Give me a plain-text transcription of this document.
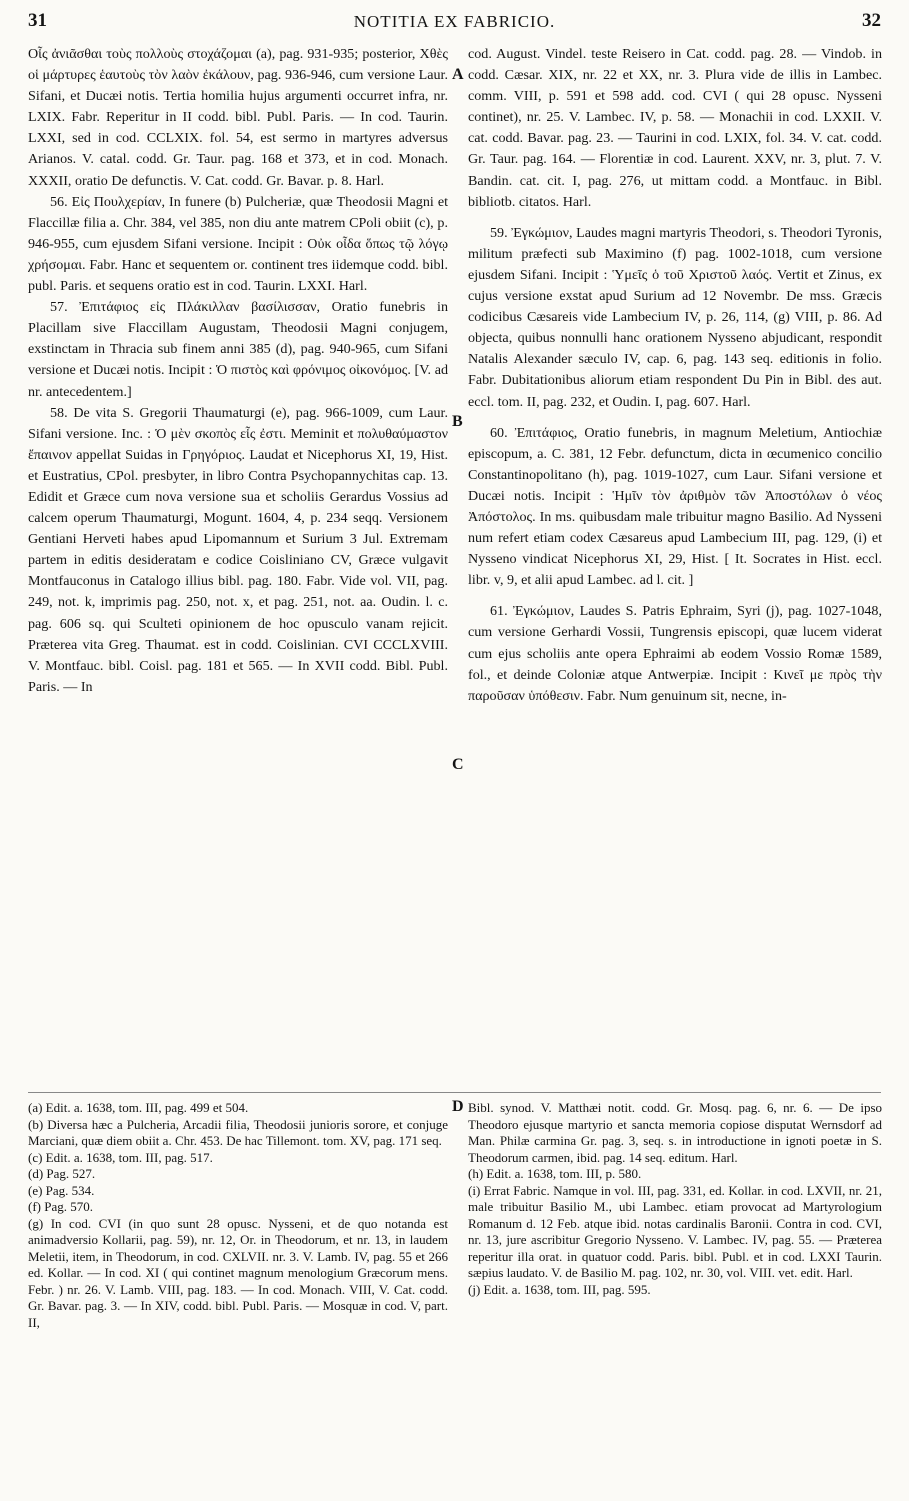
31	NOTITIA EX FABRICIO.	32

Οἷς ἀνιᾶσθαι τοὺς πολλοὺς στοχάζομαι (a), pag. 931-935; posterior, Χθὲς οἱ μάρτυρες ἑαυτοὺς τὸν λαὸν ἐκάλουν, pag. 936-946, cum versione Laur. Sifani, et Ducæi notis. Tertia homilia hujus argumenti occurret infra, nr. LXIX. Fabr. Reperitur in II codd. bibl. Publ. Paris. — In cod. Taurin. LXXI, sed in cod. CCLXIX. fol. 54, est sermo in martyres adversus Arianos. V. catal. codd. Gr. Taur. pag. 168 et 373, et in cod. Monach. XXXII, oratio De defunctis. V. Cat. codd. Gr. Bavar. p. 8. Harl.

56. Εἰς Πουλχερίαν, In funere (b) Pulcheriæ, quæ Theodosii Magni et Flaccillæ filia a. Chr. 384, vel 385, non diu ante matrem CPoli obiit (c), p. 946-955, cum ejusdem Sifani versione. Incipit : Οὐκ οἶδα ὅπως τῷ λόγῳ χρήσομαι. Fabr. Hanc et sequentem or. continent tres iidemque codd. bibl. publ. Paris. et sequens oratio est in cod. Taurin. LXXI. Harl.

57. Ἐπιτάφιος εἰς Πλάκιλλαν βασίλισσαν, Oratio funebris in Placillam sive Flaccillam Augustam, Theodosii Magni conjugem, exstinctam in Thracia sub finem anni 385 (d), pag. 940-965, cum Sifani versione et Ducæi notis. Incipit : Ὁ πιστὸς καὶ φρόνιμος οἰκονόμος. [V. ad nr. antecedentem.]

58. De vita S. Gregorii Thaumaturgi (e), pag. 966-1009, cum Laur. Sifani versione. Inc. : Ὁ μὲν σκοπὸς εἷς ἐστι. Meminit et πολυθαύμαστον ἔπαινον appellat Suidas in Γρηγόριος. Laudat et Nicephorus XI, 19, Hist. et Eustratius, CPol. presbyter, in libro Contra Psychopannychitas cap. 13. Edidit et Græce cum nova versione sua et scholiis Gerardus Vossius ad calcem operum Thaumaturgi, Mogunt. 1604, 4, p. 234 seqq. Versionem Gentiani Herveti habes apud Lipomannum et Surium 3 Jul. Extremam partem in editis desideratam e codice Coisliniano CV, Græce vulgavit Montfauconus in Catalogo illius bibl. pag. 180. Fabr. Vide vol. VII, pag. 249, not. k, imprimis pag. 250, not. x, et pag. 251, not. aa. Oudin. l. c. pag. 606 sq. qui Sculteti opinionem de hoc opusculo vanam rejicit. Præterea vita Greg. Thaumat. est in codd. Coislinian. CVI CCCLXVIII. V. Montfauc. bibl. Coisl. pag. 181 et 565. — In XVII codd. Bibl. Publ. Paris. — In

A
B
C
D

cod. August. Vindel. teste Reisero in Cat. codd. pag. 28. — Vindob. in codd. Cæsar. XIX, nr. 22 et XX, nr. 3. Plura vide de illis in Lambec. comm. VIII, p. 591 et 598 add. cod. CVI ( qui 28 opusc. Nysseni continet), nr. 25. V. Lambec. IV, p. 58. — Monachii in cod. LXXII. V. cat. codd. Bavar. pag. 23. — Taurini in cod. LXIX, fol. 34. V. cat. codd. Gr. Taur. pag. 164. — Florentiæ in cod. Laurent. XXV, nr. 3, plut. 7. V. Bandin. cat. cit. I, pag. 276, ut mittam codd. a Montfauc. in Bibl. bibliotb. citatos. Harl.

59. Ἐγκώμιον, Laudes magni martyris Theodori, s. Theodori Tyronis, militum præfecti sub Maximino (f) pag. 1002-1018, cum versione ejusdem Sifani. Incipit : Ὑμεῖς ὁ τοῦ Χριστοῦ λαός. Vertit et Zinus, ex cujus versione exstat apud Surium ad 12 Novembr. De mss. Græcis codicibus Cæsareis vide Lambecium IV, p. 26, 114, (g) VIII, p. 86. Ad objecta, quibus nonnulli hanc orationem Nysseno abjudicant, respondit Natalis Alexander sæculo IV, cap. 6, pag. 143 seq. editionis in folio. Fabr. Dubitationibus aliorum etiam respondent Du Pin in Bibl. des aut. eccl. tom. II, pag. 232, et Oudin. I, pag. 607. Harl.

60. Ἐπιτάφιος, Oratio funebris, in magnum Meletium, Antiochiæ episcopum, a. C. 381, 12 Febr. defunctum, dicta in œcumenico concilio Constantinopolitano (h), pag. 1019-1027, cum Laur. Sifani versione et Ducæi notis. Incipit : Ἡμῖν τὸν ἀριθμὸν τῶν Ἀποστόλων ὁ νέος Ἀπόστολος. In ms. quibusdam male tribuitur magno Basilio. Ad Nysseni num refert etiam codex Cæsareus apud Lambecium III, pag. 129, (i) et Nysseno vindicat Nicephorus XI, 29, Hist. [ It. Socrates in Hist. eccl. libr. v, 9, et alii apud Lambec. ad l. cit. ]

61. Ἐγκώμιον, Laudes S. Patris Ephraim, Syri (j), pag. 1027-1048, cum versione Gerhardi Vossii, Tungrensis episcopi, quæ lucem viderat cum ejus scholiis ante opera Ephraimi ab eodem Vossio Romæ 1589, fol., et deinde Coloniæ atque Antwerpiæ. Incipit : Κινεῖ με πρὸς τὴν παροῦσαν ὑπόθεσιν. Fabr. Num genuinum sit, necne, in-

(a) Edit. a. 1638, tom. III, pag. 499 et 504.

(b) Diversa hæc a Pulcheria, Arcadii filia, Theodosii junioris sorore, et conjuge Marciani, quæ diem obiit a. Chr. 453. De hac Tillemont. tom. XV, pag. 171 seq.

(c) Edit. a. 1638, tom. III, pag. 517.

(d) Pag. 527.

(e) Pag. 534.

(f) Pag. 570.

(g) In cod. CVI (in quo sunt 28 opusc. Nysseni, et de quo notanda est animadversio Kollarii, pag. 59), nr. 12, Or. in Theodorum, et nr. 13, in laudem Meletii, item, in Theodorum, in cod. CXLVII. nr. 3. V. Lamb. IV, pag. 55 et 266 ed. Kollar. — In cod. XI ( qui continet magnum menologium Græcorum mens. Febr. ) nr. 26. V. Lamb. VIII, pag. 183. — In cod. Monach. VIII, V. Cat. codd. Gr. Bavar. pag. 3. — In XIV, codd. bibl. Publ. Paris. — Mosquæ in cod. V, part. II,

Bibl. synod. V. Matthæi notit. codd. Gr. Mosq. pag. 6, nr. 6. — De ipso Theodoro ejusque martyrio et sancta memoria copiose disputat Wernsdorf ad Man. Philæ carmina Gr. pag. 3, seq. s. in introductione in ignoti poetæ in S. Theodorum carmen, ibid. pag. 14 seq. editum. Harl.

(h) Edit. a. 1638, tom. III, p. 580.

(i) Errat Fabric. Namque in vol. III, pag. 331, ed. Kollar. in cod. LXVII, nr. 21, male tribuitur Basilio M., ubi Lambec. etiam provocat ad Martyrologium Romanum d. 12 Feb. atque ibid. notas cardinalis Baronii. Contra in cod. CVI, nr. 13, jure ascribitur Gregorio Nysseno. V. Lambec. IV, pag. 55. — Præterea reperitur illa orat. in quatuor codd. Paris. bibl. Publ. et in cod. LXXI Taurin. sæpius laudato. V. de Basilio M. pag. 102, nr. 30, vol. VIII. vet. edit. Harl.

(j) Edit. a. 1638, tom. III, pag. 595.
